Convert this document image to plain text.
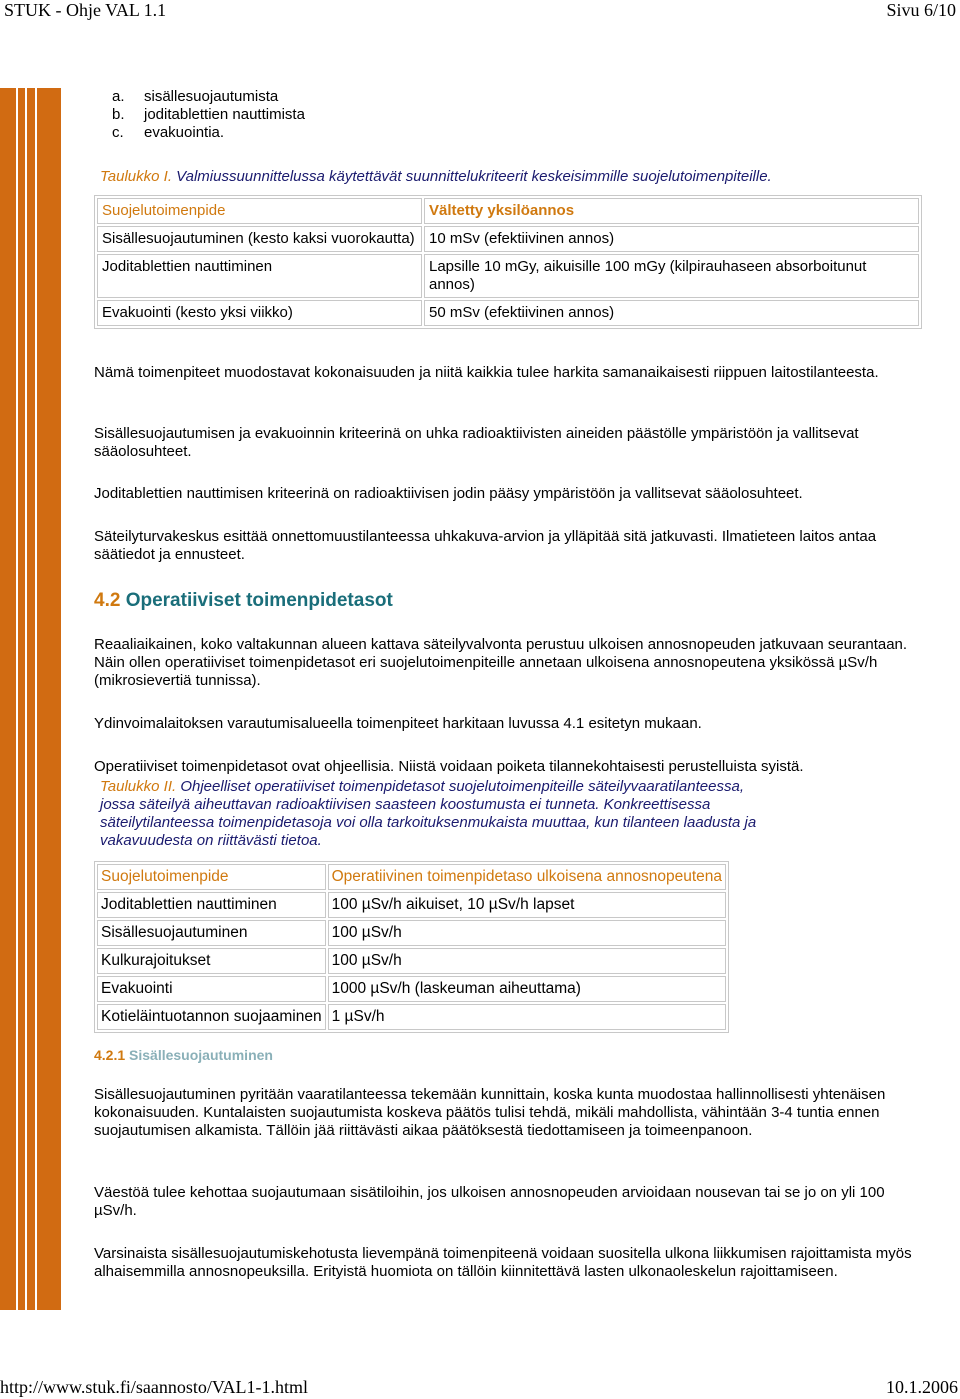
STUK - Ohje VAL 1.1	Sivu 6/10
a. sisällesuojautumista
b. joditablettien nauttimista
c. evakuointia.
Taulukko I. Valmiussuunnittelussa käytettävät suunnittelukriteerit keskeisimmille suojelutoimenpiteille.
Suojelutoimenpide	Vältetty yksilöannos
Sisällesuojautuminen (kesto kaksi vuorokautta)	10 mSv (efektiivinen annos)
Joditablettien nauttiminen	Lapsille 10 mGy, aikuisille 100 mGy (kilpirauhaseen absorboitunut annos)
Evakuointi (kesto yksi viikko)	50 mSv (efektiivinen annos)
Nämä toimenpiteet muodostavat kokonaisuuden ja niitä kaikkia tulee harkita samanaikaisesti riippuen laitostilanteesta.
Sisällesuojautumisen ja evakuoinnin kriteerinä on uhka radioaktiivisten aineiden päästölle ympäristöön ja vallitsevat sääolosuhteet.
Joditablettien nauttimisen kriteerinä on radioaktiivisen jodin pääsy ympäristöön ja vallitsevat sääolosuhteet.
Säteilyturvakeskus esittää onnettomuustilanteessa uhkakuva-arvion ja ylläpitää sitä jatkuvasti. Ilmatieteen laitos antaa säätiedot ja ennusteet.
4.2 Operatiiviset toimenpidetasot
Reaaliaikainen, koko valtakunnan alueen kattava säteilyvalvonta perustuu ulkoisen annosnopeuden jatkuvaan seurantaan. Näin ollen operatiiviset toimenpidetasot eri suojelutoimenpiteille annetaan ulkoisena annosnopeutena yksikössä µSv/h (mikrosievertiä tunnissa).
Ydinvoimalaitoksen varautumisalueella toimenpiteet harkitaan luvussa 4.1 esitetyn mukaan.
Operatiiviset toimenpidetasot ovat ohjeellisia. Niistä voidaan poiketa tilannekohtaisesti perustelluista syistä.
Taulukko II. Ohjeelliset operatiiviset toimenpidetasot suojelutoimenpiteille säteilyvaaratilanteessa, jossa säteilyä aiheuttavan radioaktiivisen saasteen koostumusta ei tunneta. Konkreettisessa säteilytilanteessa toimenpidetasoja voi olla tarkoituksenmukaista muuttaa, kun tilanteen laadusta ja vakavuudesta on riittävästi tietoa.
Suojelutoimenpide	Operatiivinen toimenpidetaso ulkoisena annosnopeutena
Joditablettien nauttiminen	100 µSv/h aikuiset, 10 µSv/h lapset
Sisällesuojautuminen	100 µSv/h
Kulkurajoitukset	100 µSv/h
Evakuointi	1000 µSv/h (laskeuman aiheuttama)
Kotieläintuotannon suojaaminen	1 µSv/h
4.2.1 Sisällesuojautuminen
Sisällesuojautuminen pyritään vaaratilanteessa tekemään kunnittain, koska kunta muodostaa hallinnollisesti yhtenäisen kokonaisuuden. Kuntalaisten suojautumista koskeva päätös tulisi tehdä, mikäli mahdollista, vähintään 3-4 tuntia ennen suojautumisen alkamista. Tällöin jää riittävästi aikaa päätöksestä tiedottamiseen ja toimeenpanoon.
Väestöä tulee kehottaa suojautumaan sisätiloihin, jos ulkoisen annosnopeuden arvioidaan nousevan tai se jo on yli 100 µSv/h.
Varsinaista sisällesuojautumiskehotusta lievempänä toimenpiteenä voidaan suositella ulkona liikkumisen rajoittamista myös alhaisemmilla annosnopeuksilla. Erityistä huomiota on tällöin kiinnitettävä lasten ulkonaoleskelun rajoittamiseen.
http://www.stuk.fi/saannosto/VAL1-1.html	10.1.2006
